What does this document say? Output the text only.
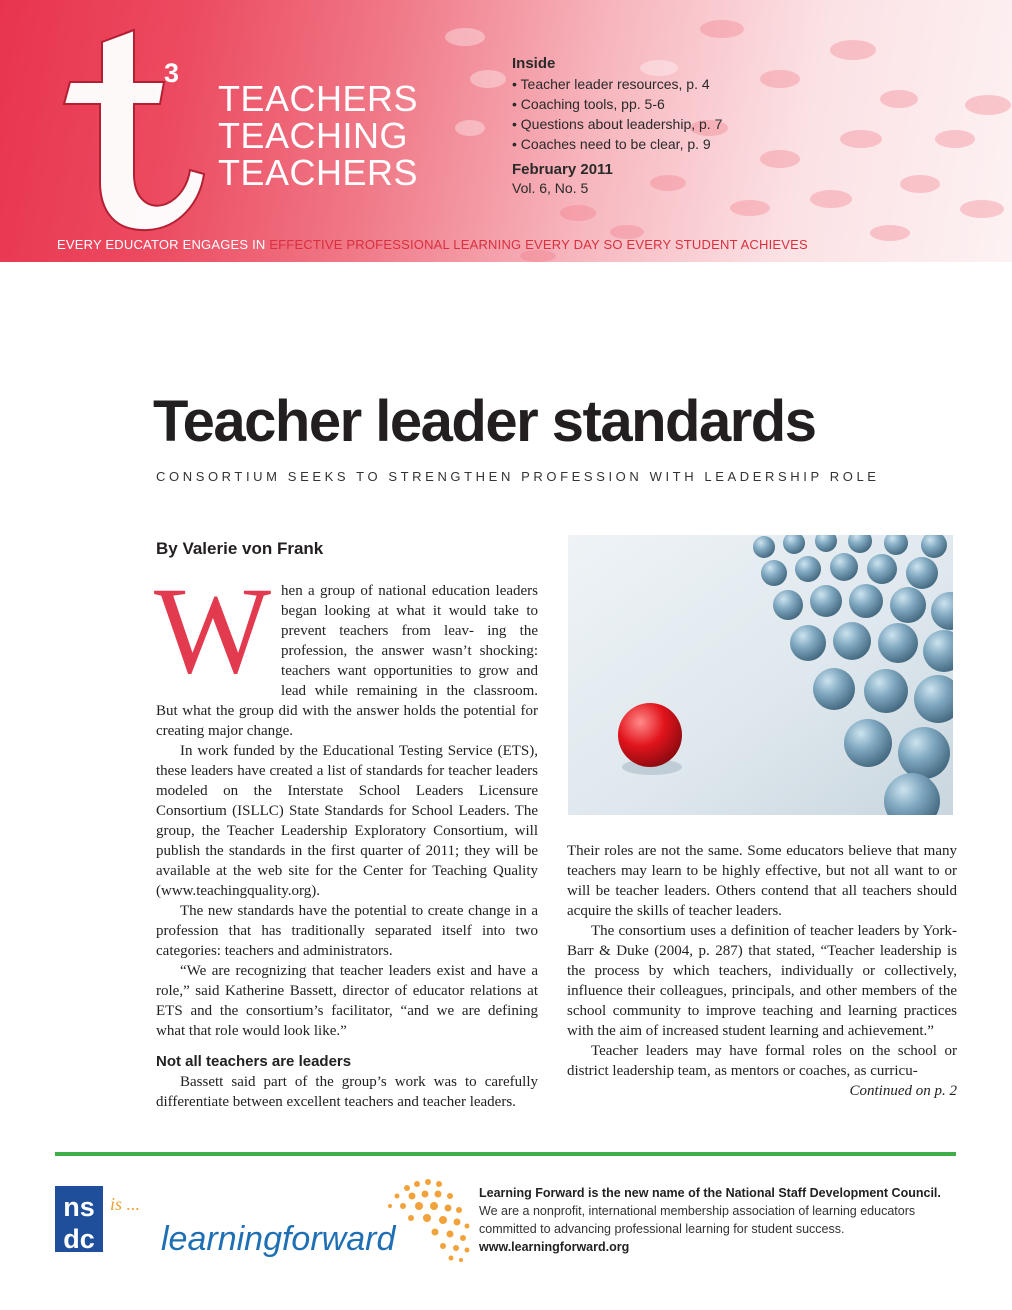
3
TEACHERS
TEACHING
TEACHERS
Inside
• Teacher leader resources, p. 4
• Coaching tools, pp. 5-6
• Questions about leadership, p. 7
• Coaches need to be clear, p. 9
February 2011
Vol. 6, No. 5
EVERY EDUCATOR ENGAGES IN EFFECTIVE PROFESSIONAL LEARNING EVERY DAY SO EVERY STUDENT ACHIEVES
Teacher leader standards
CONSORTIUM SEEKS TO STRENGTHEN PROFESSION WITH LEADERSHIP ROLE
By Valerie von Frank

When a group of national education leaders began looking at what it would take to prevent teachers from leav- ing the profession, the answer wasn’t shocking: teachers want opportunities to grow and lead while remaining in the classroom. But what the group did with the answer holds the potential for creating major change.

In work funded by the Educational Testing Service (ETS), these leaders have created a list of standards for teacher leaders modeled on the Interstate School Leaders Licensure Consortium (ISLLC) State Standards for School Leaders. The group, the Teacher Leadership Exploratory Consortium, will publish the standards in the first quarter of 2011; they will be available at the web site for the Center for Teaching Quality (www.teachingquality.org).

The new standards have the potential to create change in a profession that has traditionally separated itself into two categories: teachers and administrators.

“We are recognizing that teacher leaders exist and have a role,” said Katherine Bassett, director of educator relations at ETS and the consortium’s facilitator, “and we are defining what that role would look like.”

Not all teachers are leaders

Bassett said part of the group’s work was to carefully differentiate between excellent teachers and teacher leaders.

Their roles are not the same. Some educators believe that many teachers may learn to be highly effective, but not all want to or will be teacher leaders. Others contend that all teachers should acquire the skills of teacher leaders.

The consortium uses a definition of teacher leaders by York-Barr & Duke (2004, p. 287) that stated, “Teacher leadership is the process by which teachers, individually or collectively, influence their colleagues, principals, and other members of the school community to improve teaching and learning practices with the aim of increased student learning and achievement.”

Teacher leaders may have formal roles on the school or district leadership team, as mentors or coaches, as curricu-

Continued on p. 2

ns
dc
is ...
learningforward
Learning Forward is the new name of the National Staff Development Council.
We are a nonprofit, international membership association of learning educators committed to advancing professional learning for student success.
www.learningforward.org
